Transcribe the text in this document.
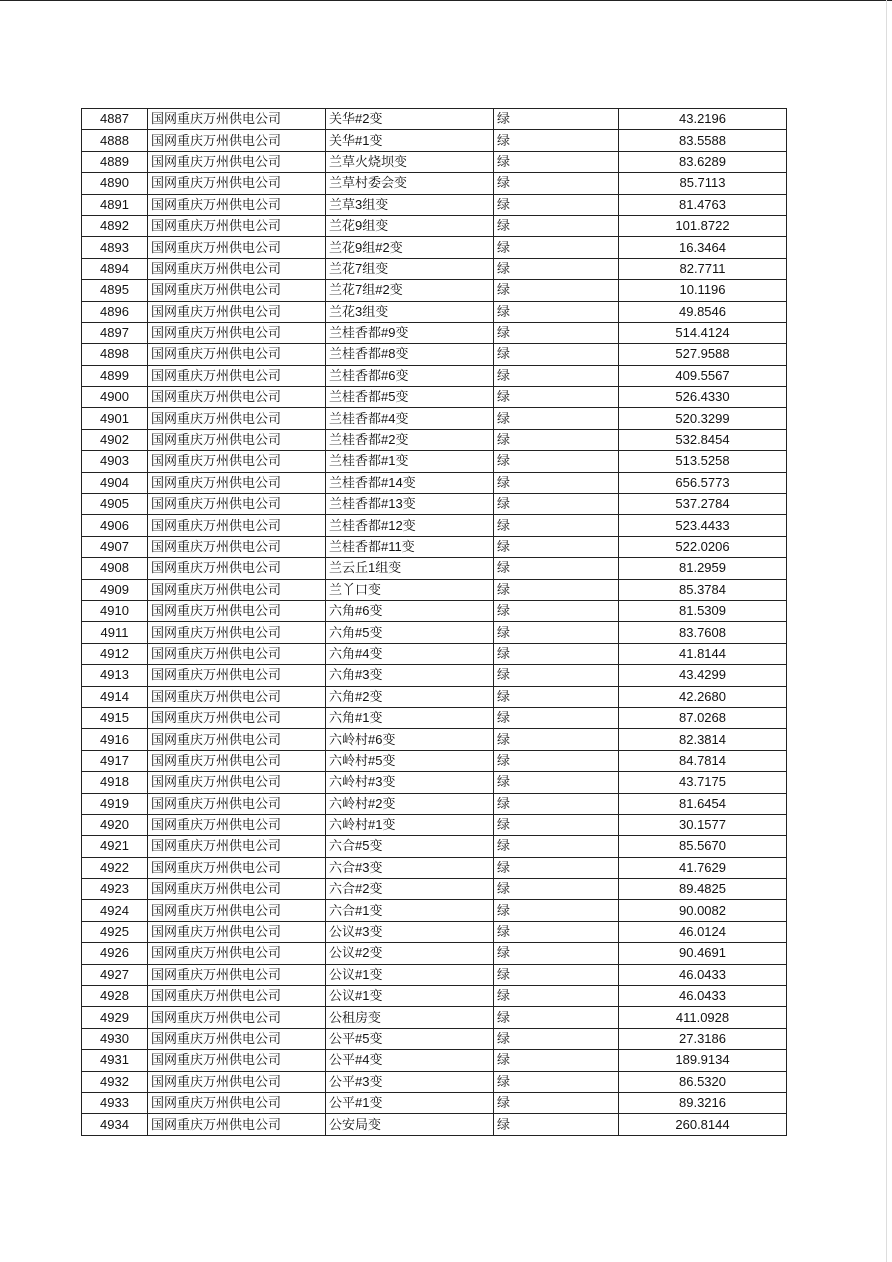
4887	国网重庆万州供电公司	关华#2变	绿	43.2196
4888	国网重庆万州供电公司	关华#1变	绿	83.5588
4889	国网重庆万州供电公司	兰草火烧坝变	绿	83.6289
4890	国网重庆万州供电公司	兰草村委会变	绿	85.7113
4891	国网重庆万州供电公司	兰草3组变	绿	81.4763
4892	国网重庆万州供电公司	兰花9组变	绿	101.8722
4893	国网重庆万州供电公司	兰花9组#2变	绿	16.3464
4894	国网重庆万州供电公司	兰花7组变	绿	82.7711
4895	国网重庆万州供电公司	兰花7组#2变	绿	10.1196
4896	国网重庆万州供电公司	兰花3组变	绿	49.8546
4897	国网重庆万州供电公司	兰桂香都#9变	绿	514.4124
4898	国网重庆万州供电公司	兰桂香都#8变	绿	527.9588
4899	国网重庆万州供电公司	兰桂香都#6变	绿	409.5567
4900	国网重庆万州供电公司	兰桂香都#5变	绿	526.4330
4901	国网重庆万州供电公司	兰桂香都#4变	绿	520.3299
4902	国网重庆万州供电公司	兰桂香都#2变	绿	532.8454
4903	国网重庆万州供电公司	兰桂香都#1变	绿	513.5258
4904	国网重庆万州供电公司	兰桂香都#14变	绿	656.5773
4905	国网重庆万州供电公司	兰桂香都#13变	绿	537.2784
4906	国网重庆万州供电公司	兰桂香都#12变	绿	523.4433
4907	国网重庆万州供电公司	兰桂香都#11变	绿	522.0206
4908	国网重庆万州供电公司	兰云丘1组变	绿	81.2959
4909	国网重庆万州供电公司	兰丫口变	绿	85.3784
4910	国网重庆万州供电公司	六角#6变	绿	81.5309
4911	国网重庆万州供电公司	六角#5变	绿	83.7608
4912	国网重庆万州供电公司	六角#4变	绿	41.8144
4913	国网重庆万州供电公司	六角#3变	绿	43.4299
4914	国网重庆万州供电公司	六角#2变	绿	42.2680
4915	国网重庆万州供电公司	六角#1变	绿	87.0268
4916	国网重庆万州供电公司	六岭村#6变	绿	82.3814
4917	国网重庆万州供电公司	六岭村#5变	绿	84.7814
4918	国网重庆万州供电公司	六岭村#3变	绿	43.7175
4919	国网重庆万州供电公司	六岭村#2变	绿	81.6454
4920	国网重庆万州供电公司	六岭村#1变	绿	30.1577
4921	国网重庆万州供电公司	六合#5变	绿	85.5670
4922	国网重庆万州供电公司	六合#3变	绿	41.7629
4923	国网重庆万州供电公司	六合#2变	绿	89.4825
4924	国网重庆万州供电公司	六合#1变	绿	90.0082
4925	国网重庆万州供电公司	公议#3变	绿	46.0124
4926	国网重庆万州供电公司	公议#2变	绿	90.4691
4927	国网重庆万州供电公司	公议#1变	绿	46.0433
4928	国网重庆万州供电公司	公议#1变	绿	46.0433
4929	国网重庆万州供电公司	公租房变	绿	411.0928
4930	国网重庆万州供电公司	公平#5变	绿	27.3186
4931	国网重庆万州供电公司	公平#4变	绿	189.9134
4932	国网重庆万州供电公司	公平#3变	绿	86.5320
4933	国网重庆万州供电公司	公平#1变	绿	89.3216
4934	国网重庆万州供电公司	公安局变	绿	260.8144
